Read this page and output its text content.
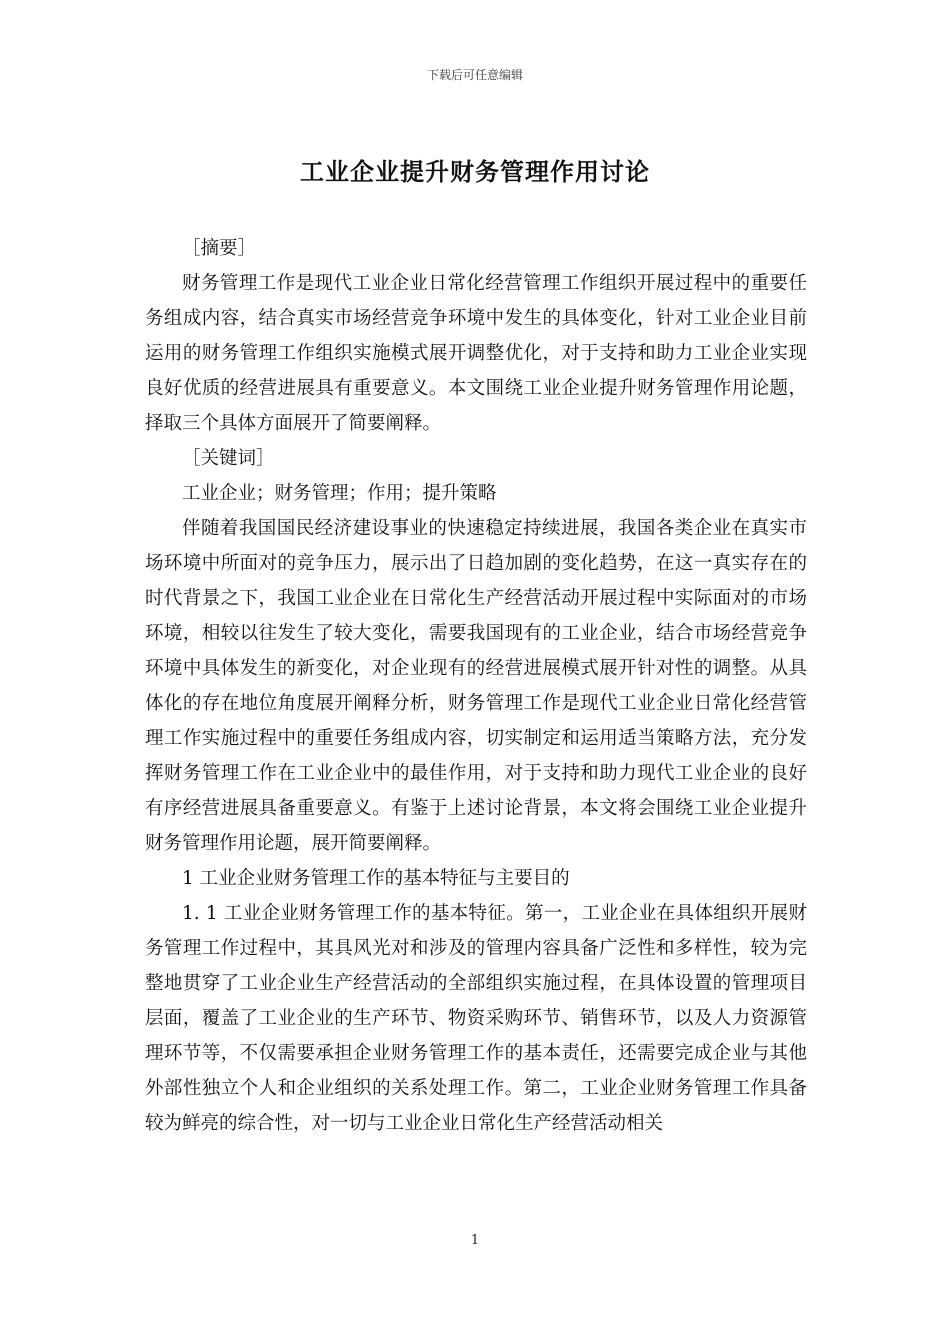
下载后可任意编辑
工业企业提升财务管理作用讨论

［摘要］

财务管理工作是现代工业企业日常化经营管理工作组织开展过程中的重要任务组成内容，结合真实市场经营竞争环境中发生的具体变化，针对工业企业目前运用的财务管理工作组织实施模式展开调整优化，对于支持和助力工业企业实现良好优质的经营进展具有重要意义。本文围绕工业企业提升财务管理作用论题，择取三个具体方面展开了简要阐释。

［关键词］

工业企业；财务管理；作用；提升策略

伴随着我国国民经济建设事业的快速稳定持续进展，我国各类企业在真实市场环境中所面对的竞争压力，展示出了日趋加剧的变化趋势，在这一真实存在的时代背景之下，我国工业企业在日常化生产经营活动开展过程中实际面对的市场环境，相较以往发生了较大变化，需要我国现有的工业企业，结合市场经营竞争环境中具体发生的新变化，对企业现有的经营进展模式展开针对性的调整。从具体化的存在地位角度展开阐释分析，财务管理工作是现代工业企业日常化经营管理工作实施过程中的重要任务组成内容，切实制定和运用适当策略方法，充分发挥财务管理工作在工业企业中的最佳作用，对于支持和助力现代工业企业的良好有序经营进展具备重要意义。有鉴于上述讨论背景，本文将会围绕工业企业提升财务管理作用论题，展开简要阐释。

1 工业企业财务管理工作的基本特征与主要目的

1. 1 工业企业财务管理工作的基本特征。第一，工业企业在具体组织开展财务管理工作过程中，其具风光对和涉及的管理内容具备广泛性和多样性，较为完整地贯穿了工业企业生产经营活动的全部组织实施过程，在具体设置的管理项目层面，覆盖了工业企业的生产环节、物资采购环节、销售环节，以及人力资源管理环节等，不仅需要承担企业财务管理工作的基本责任，还需要完成企业与其他外部性独立个人和企业组织的关系处理工作。第二，工业企业财务管理工作具备较为鲜亮的综合性，对一切与工业企业日常化生产经营活动相关

1
